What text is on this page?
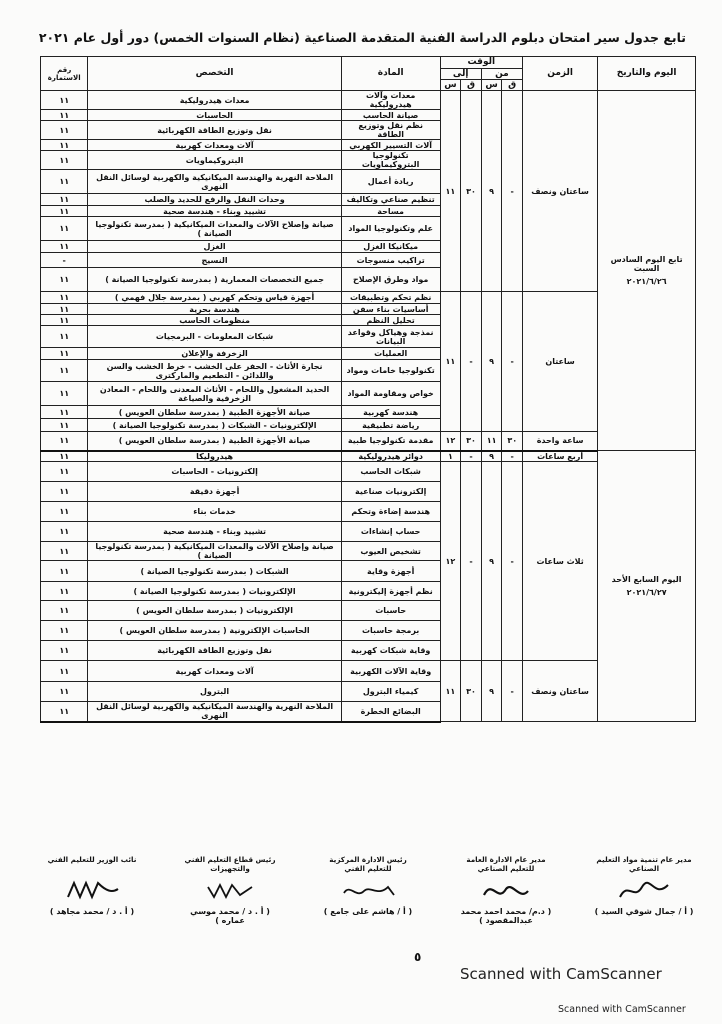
تابع جدول سير امتحان دبلوم الدراسة الفنية المتقدمة الصناعية (نظام السنوات الخمس) دور أول عام ٢٠٢١
اليوم والتاريخ	الزمن	الوقت				المادة	التخصص	رقم الاستمارة
		من		إلى				
		ق	س	ق	س			

تابع اليوم السادس السبت
٢٠٢١/٦/٢٦	ساعتان ونصف	-	٩	٣٠	١١	معدات وآلات هيدروليكية	معدات هيدروليكية	١١
						صيانة الحاسب	الحاسبات	١١
						نظم نقل وتوزيع الطاقة	نقل وتوزيع الطاقة الكهربائية	١١
						آلات التسيير الكهربي	آلات ومعدات كهربية	١١
						تكنولوجيا البتروكيماويات	البتروكيماويات	١١
						ريادة أعمال	الملاحة النهرية والهندسة الميكانيكية والكهربية لوسائل النقل النهرى	١١
						تنظيم صناعي وتكاليف	وحدات النقل والرفع للحديد والصلب	١١
						مساحة	تشييد وبناء - هندسة صحية	١١
						علم وتكنولوجيا المواد	صيانة وإصلاح الآلات والمعدات الميكانيكية ( بمدرسة تكنولوجيا الصيانة )	١١
						ميكانيكا الغزل	الغزل	١١
						تراكيب منسوجات	النسيج	-
						مواد وطرق الإصلاح	جميع التخصصات المعمارية ( بمدرسة تكنولوجيا الصيانة )	١١
	ساعتان	-	٩	-	١١	نظم تحكم وتطبيقات	أجهزة قياس وتحكم كهربي ( بمدرسة جلال فهمي )	١١
						أساسيات بناء سفن	هندسة بحرية	١١
						تحليل النظم	منظومات الحاسب	١١
						نمذجة وهياكل وقواعد البيانات	شبكات المعلومات - البرمجيات	١١
						العمليات	الزخرفة والإعلان	١١
						تكنولوجيا خامات ومواد	نجارة الأثاث - الحفر على الخشب - خرط الخشب والسن واللدائن - التطعيم والماركترى	١١
						خواص ومقاومة المواد	الحديد المشغول واللحام - الأثاث المعدنى واللحام - المعادن الزخرفية والصياغة	١١
						هندسة كهربية	صيانة الأجهزة الطبية ( بمدرسة سلطان العويس )	١١
						رياضة تطبيقية	الإلكترونيات - الشبكات ( بمدرسة تكنولوجيا الصيانة )	١١
	ساعة واحدة	٣٠	١١	٣٠	١٢	مقدمة تكنولوجيا طبية	صيانة الأجهزة الطبية ( بمدرسة سلطان العويس )	١١

اليوم السابع الأحد
٢٠٢١/٦/٢٧	أربع ساعات	-	٩	-	١	دوائر هيدروليكية	هيدروليكا	١١
	ثلاث ساعات	-	٩	-	١٢	شبكات الحاسب	إلكترونيات - الحاسبات	١١
						إلكترونيات صناعية	أجهزة دقيقة	١١
						هندسة إضاءة وتحكم	خدمات بناء	١١
						حساب إنشاءات	تشييد وبناء - هندسة صحية	١١
						تشخيص العيوب	صيانة وإصلاح الآلات والمعدات الميكانيكية ( بمدرسة تكنولوجيا الصيانة )	١١
						أجهزة وقاية	الشبكات ( بمدرسة تكنولوجيا الصيانة )	١١
						نظم أجهزة إليكترونية	الإلكترونيات ( بمدرسة تكنولوجيا الصيانة )	١١
						حاسبات	الإلكترونيات ( بمدرسة سلطان العويس )	١١
						برمجة حاسبات	الحاسبات الإلكترونية ( بمدرسة سلطان العويس )	١١
						وقاية شبكات كهربية	نقل وتوزيع الطاقة الكهربائية	١١
	ساعتان ونصف	-	٩	٣٠	١١	وقاية الآلات الكهربية	آلات ومعدات كهربية	١١
						كيمياء البترول	البترول	١١
						البضائع الخطرة	الملاحة النهرية والهندسة الميكانيكية والكهربية لوسائل النقل النهرى	١١
مدير عام تنمية مواد التعليم الصناعي
( أ / جمال شوقي السيد )
مدير عام الادارة العامة للتعليم الصناعي
( د.م/ محمد احمد محمد عبدالمقصود )
رئيس الادارة المركزية للتعليم الفني
( أ / هاشم على جامع )
رئيس قطاع التعليم الفني والتجهيزات
( أ . د / محمد موسي عماره )
نائب الوزير للتعليم الفني
( أ . د / محمد مجاهد )
٥
Scanned with CamScanner
Scanned with CamScanner
